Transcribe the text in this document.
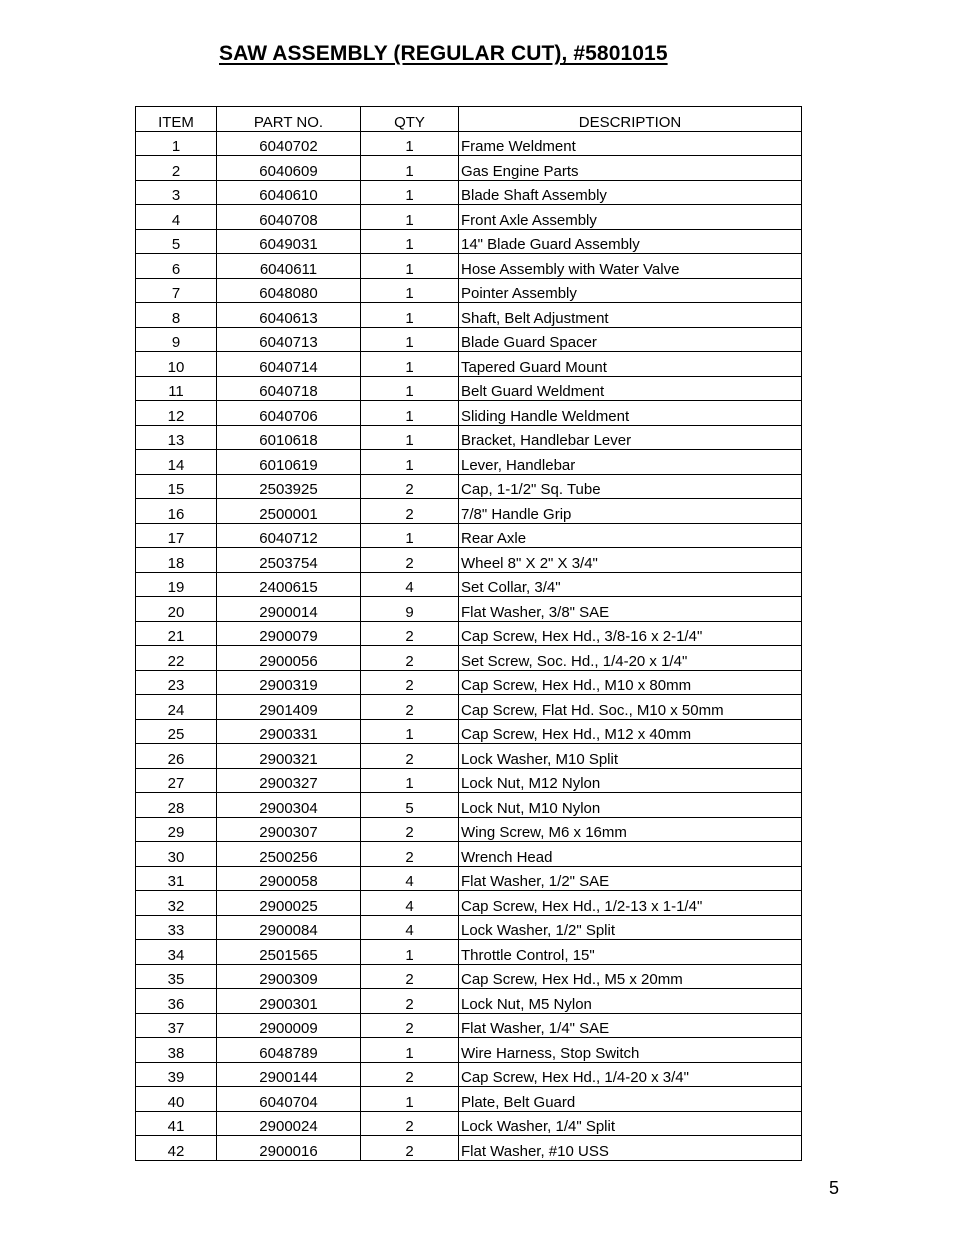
SAW ASSEMBLY (REGULAR CUT), #5801015
ITEM	PART NO.	QTY	DESCRIPTION
1	6040702	1	Frame Weldment
2	6040609	1	Gas Engine Parts
3	6040610	1	Blade Shaft Assembly
4	6040708	1	Front Axle Assembly
5	6049031	1	14" Blade Guard Assembly
6	6040611	1	Hose Assembly with Water Valve
7	6048080	1	Pointer Assembly
8	6040613	1	Shaft, Belt Adjustment
9	6040713	1	Blade Guard Spacer
10	6040714	1	Tapered Guard Mount
11	6040718	1	Belt Guard Weldment
12	6040706	1	Sliding Handle Weldment
13	6010618	1	Bracket, Handlebar Lever
14	6010619	1	Lever, Handlebar
15	2503925	2	Cap, 1-1/2" Sq. Tube
16	2500001	2	7/8" Handle Grip
17	6040712	1	Rear Axle
18	2503754	2	Wheel 8" X 2" X 3/4"
19	2400615	4	Set Collar, 3/4"
20	2900014	9	Flat Washer, 3/8" SAE
21	2900079	2	Cap Screw, Hex Hd., 3/8-16 x 2-1/4"
22	2900056	2	Set Screw, Soc. Hd., 1/4-20 x 1/4"
23	2900319	2	Cap Screw, Hex Hd., M10 x 80mm
24	2901409	2	Cap Screw, Flat Hd. Soc., M10 x 50mm
25	2900331	1	Cap Screw, Hex Hd., M12 x 40mm
26	2900321	2	Lock Washer, M10 Split
27	2900327	1	Lock Nut, M12 Nylon
28	2900304	5	Lock Nut, M10 Nylon
29	2900307	2	Wing Screw, M6 x 16mm
30	2500256	2	Wrench Head
31	2900058	4	Flat Washer, 1/2" SAE
32	2900025	4	Cap Screw, Hex Hd., 1/2-13 x 1-1/4"
33	2900084	4	Lock Washer, 1/2" Split
34	2501565	1	Throttle Control, 15"
35	2900309	2	Cap Screw, Hex Hd., M5 x 20mm
36	2900301	2	Lock Nut, M5 Nylon
37	2900009	2	Flat Washer, 1/4" SAE
38	6048789	1	Wire Harness, Stop Switch
39	2900144	2	Cap Screw, Hex Hd., 1/4-20 x 3/4"
40	6040704	1	Plate, Belt Guard
41	2900024	2	Lock Washer, 1/4" Split
42	2900016	2	Flat Washer, #10 USS
5
